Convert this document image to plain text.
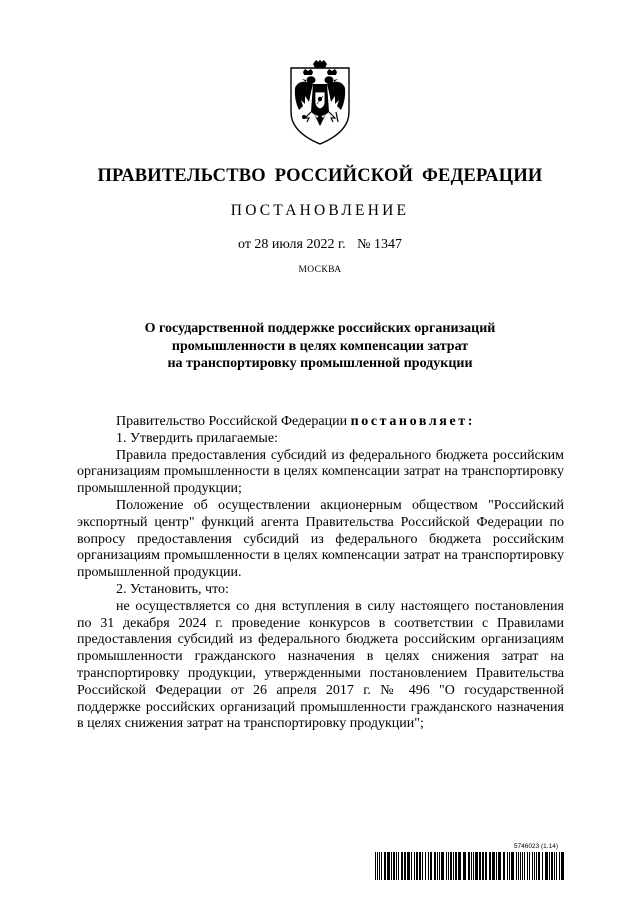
ПРАВИТЕЛЬСТВО РОССИЙСКОЙ ФЕДЕРАЦИИ
ПОСТАНОВЛЕНИЕ
от 28 июля 2022 г. № 1347
МОСКВА
О государственной поддержке российских организаций
промышленности в целях компенсации затрат
на транспортировку промышленной продукции

Правительство Российской Федерации постановляет:

1. Утвердить прилагаемые:

Правила предоставления субсидий из федерального бюджета российским организациям промышленности в целях компенсации затрат на транспортировку промышленной продукции;

Положение об осуществлении акционерным обществом "Российский экспортный центр" функций агента Правительства Российской Федерации по вопросу предоставления субсидий из федерального бюджета российским организациям промышленности в целях компенсации затрат на транспортировку промышленной продукции.

2. Установить, что:

не осуществляется со дня вступления в силу настоящего постановления по 31 декабря 2024 г. проведение конкурсов в соответствии с Правилами предоставления субсидий из федерального бюджета российским организациям промышленности гражданского назначения в целях снижения затрат на транспортировку продукции, утвержденными постановлением Правительства Российской Федерации от 26 апреля 2017 г. № 496 "О государственной поддержке российских организаций промышленности гражданского назначения в целях снижения затрат на транспортировку продукции";

5746023 (1.14)
